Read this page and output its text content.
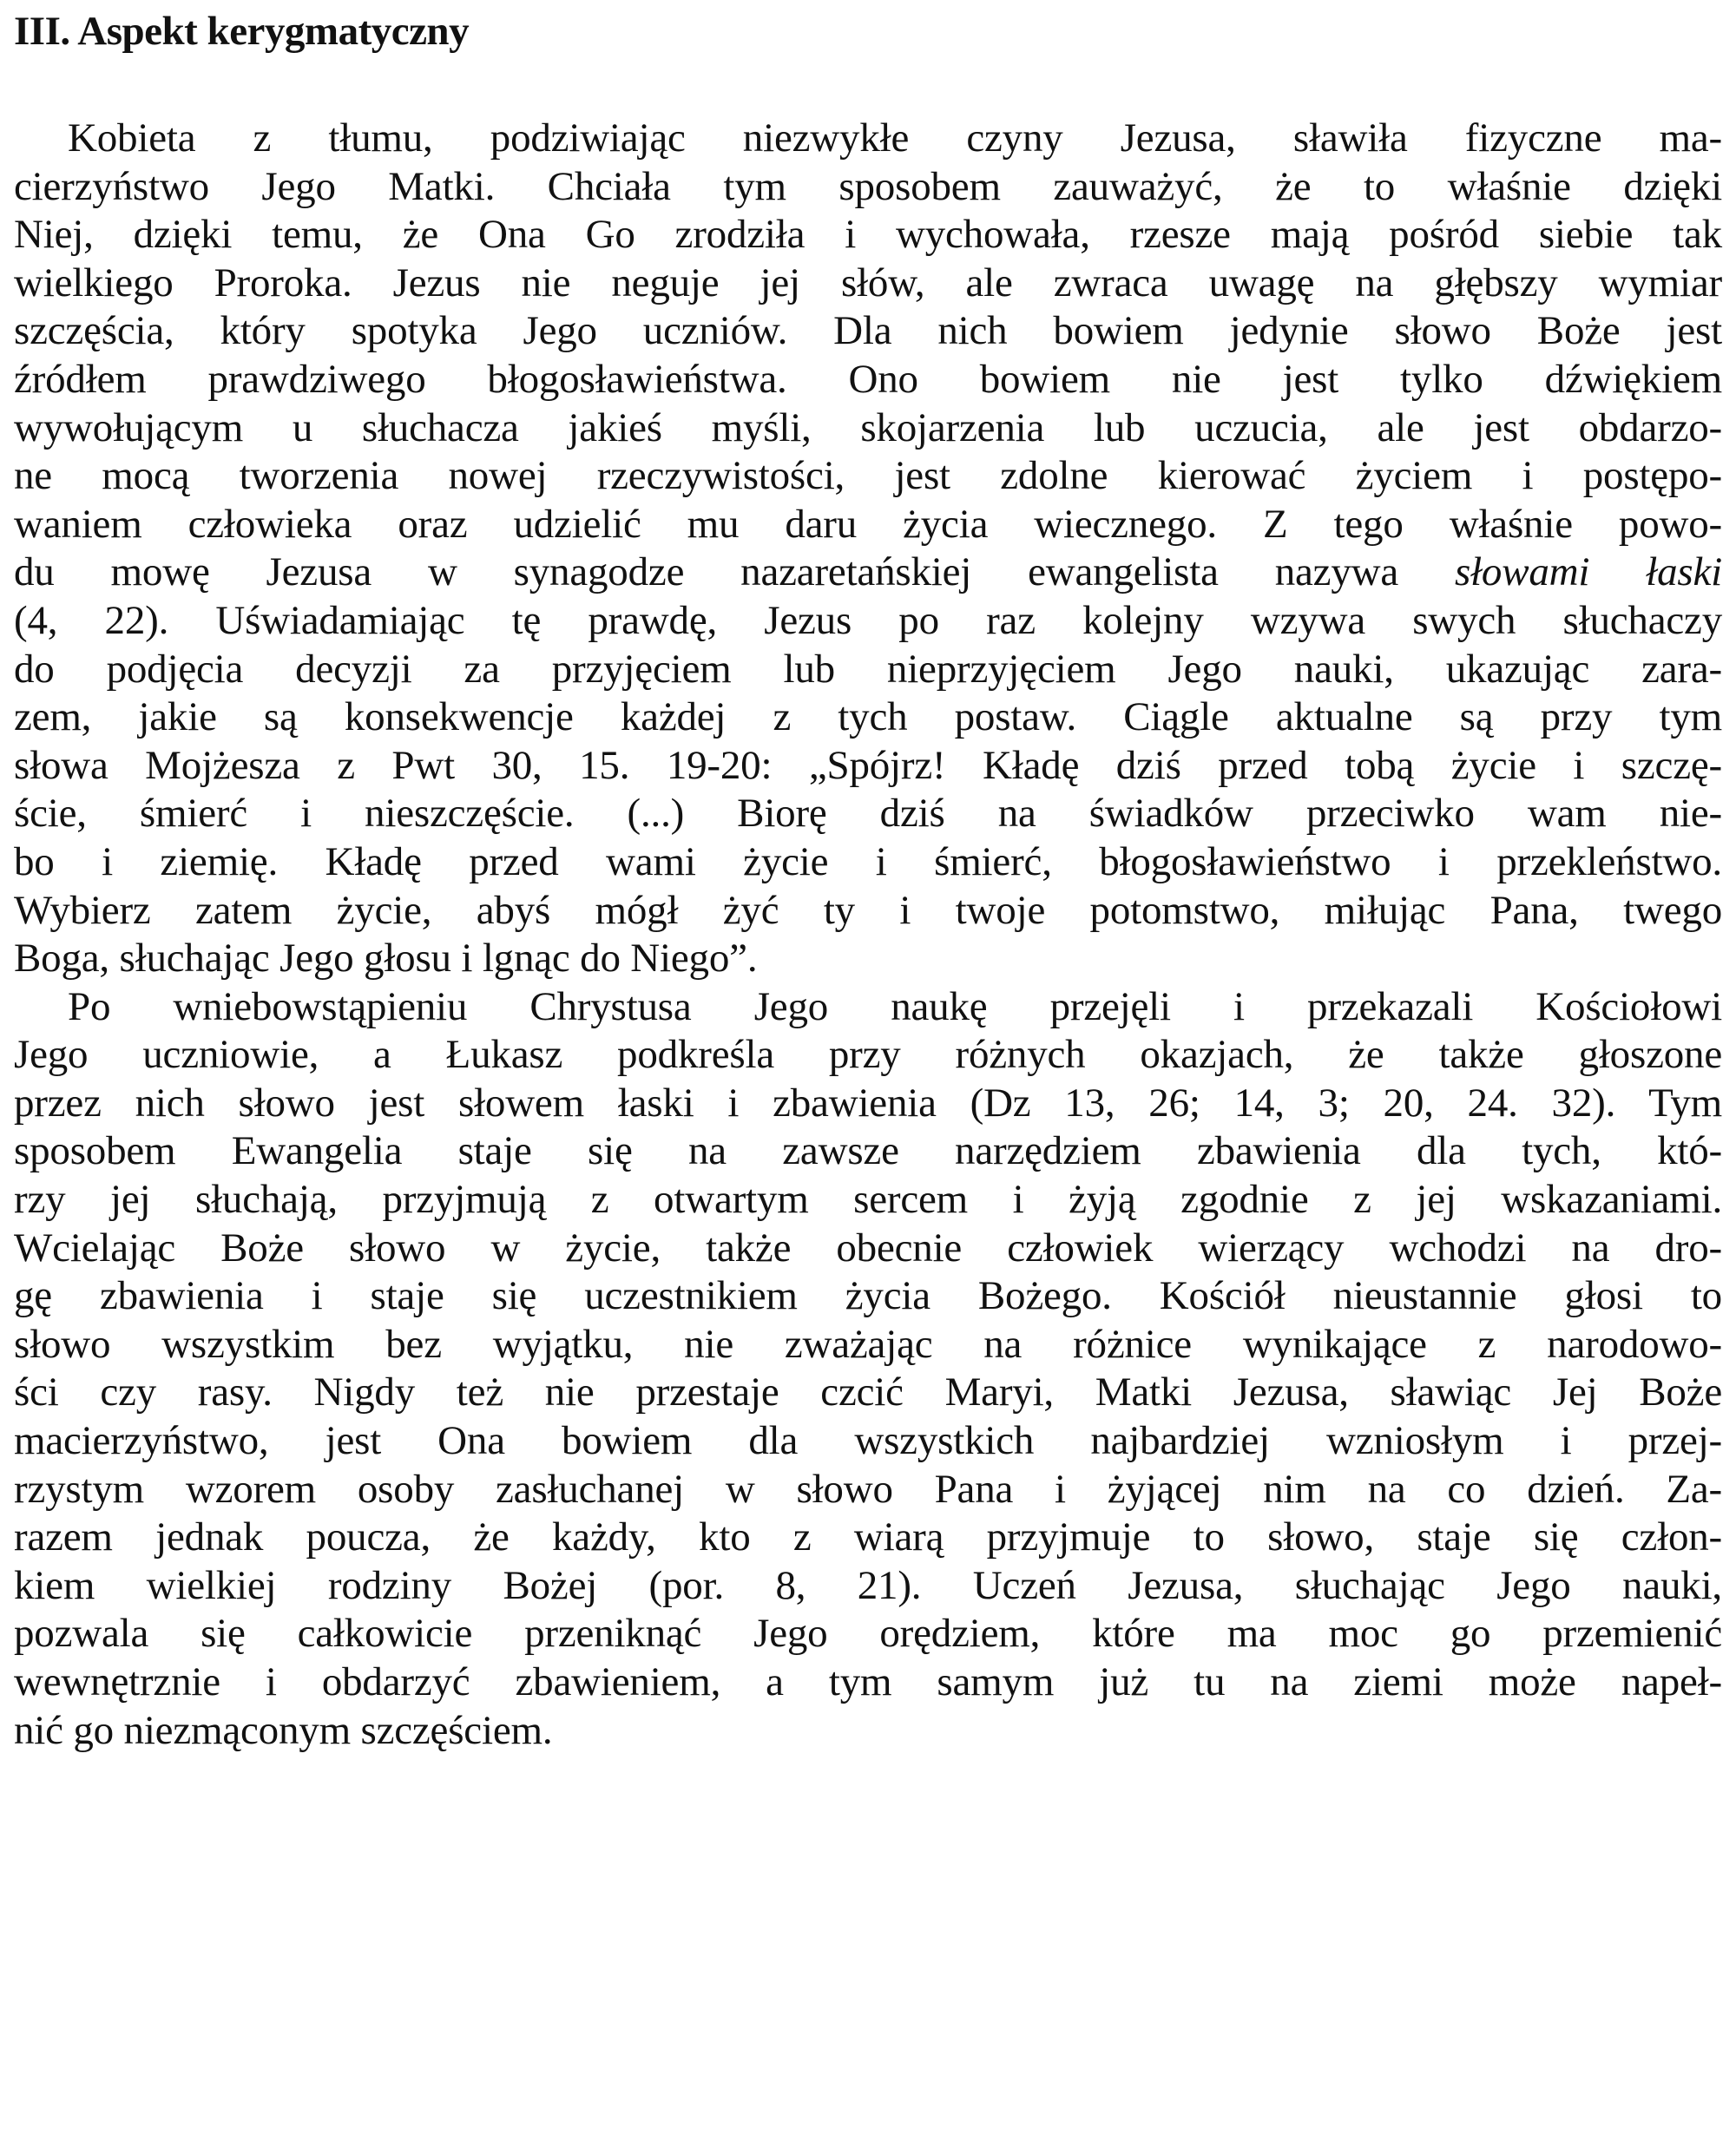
III. Aspekt kerygmatyczny
Kobieta z tłumu, podziwiając niezwykłe czyny Jezusa, sławiła fizyczne ma-
cierzyństwo Jego Matki. Chciała tym sposobem zauważyć, że to właśnie dzięki
Niej, dzięki temu, że Ona Go zrodziła i wychowała, rzesze mają pośród siebie tak
wielkiego Proroka. Jezus nie neguje jej słów, ale zwraca uwagę na głębszy wymiar
szczęścia, który spotyka Jego uczniów. Dla nich bowiem jedynie słowo Boże jest
źródłem prawdziwego błogosławieństwa. Ono bowiem nie jest tylko dźwiękiem
wywołującym u słuchacza jakieś myśli, skojarzenia lub uczucia, ale jest obdarzo-
ne mocą tworzenia nowej rzeczywistości, jest zdolne kierować życiem i postępo-
waniem człowieka oraz udzielić mu daru życia wiecznego. Z tego właśnie powo-
du mowę Jezusa w synagodze nazaretańskiej ewangelista nazywa słowami łaski
(4, 22). Uświadamiając tę prawdę, Jezus po raz kolejny wzywa swych słuchaczy
do podjęcia decyzji za przyjęciem lub nieprzyjęciem Jego nauki, ukazując zara-
zem, jakie są konsekwencje każdej z tych postaw. Ciągle aktualne są przy tym
słowa Mojżesza z Pwt 30, 15. 19-20: „Spójrz! Kładę dziś przed tobą życie i szczę-
ście, śmierć i nieszczęście. (...) Biorę dziś na świadków przeciwko wam nie-
bo i ziemię. Kładę przed wami życie i śmierć, błogosławieństwo i przekleństwo.
Wybierz zatem życie, abyś mógł żyć ty i twoje potomstwo, miłując Pana, twego
Boga, słuchając Jego głosu i lgnąc do Niego”.
Po wniebowstąpieniu Chrystusa Jego naukę przejęli i przekazali Kościołowi
Jego uczniowie, a Łukasz podkreśla przy różnych okazjach, że także głoszone
przez nich słowo jest słowem łaski i zbawienia (Dz 13, 26; 14, 3; 20, 24. 32). Tym
sposobem Ewangelia staje się na zawsze narzędziem zbawienia dla tych, któ-
rzy jej słuchają, przyjmują z otwartym sercem i żyją zgodnie z jej wskazaniami.
Wcielając Boże słowo w życie, także obecnie człowiek wierzący wchodzi na dro-
gę zbawienia i staje się uczestnikiem życia Bożego. Kościół nieustannie głosi to
słowo wszystkim bez wyjątku, nie zważając na różnice wynikające z narodowo-
ści czy rasy. Nigdy też nie przestaje czcić Maryi, Matki Jezusa, sławiąc Jej Boże
macierzyństwo, jest Ona bowiem dla wszystkich najbardziej wzniosłym i przej-
rzystym wzorem osoby zasłuchanej w słowo Pana i żyjącej nim na co dzień. Za-
razem jednak poucza, że każdy, kto z wiarą przyjmuje to słowo, staje się człon-
kiem wielkiej rodziny Bożej (por. 8, 21). Uczeń Jezusa, słuchając Jego nauki,
pozwala się całkowicie przeniknąć Jego orędziem, które ma moc go przemienić
wewnętrznie i obdarzyć zbawieniem, a tym samym już tu na ziemi może napeł-
nić go niezmąconym szczęściem.
